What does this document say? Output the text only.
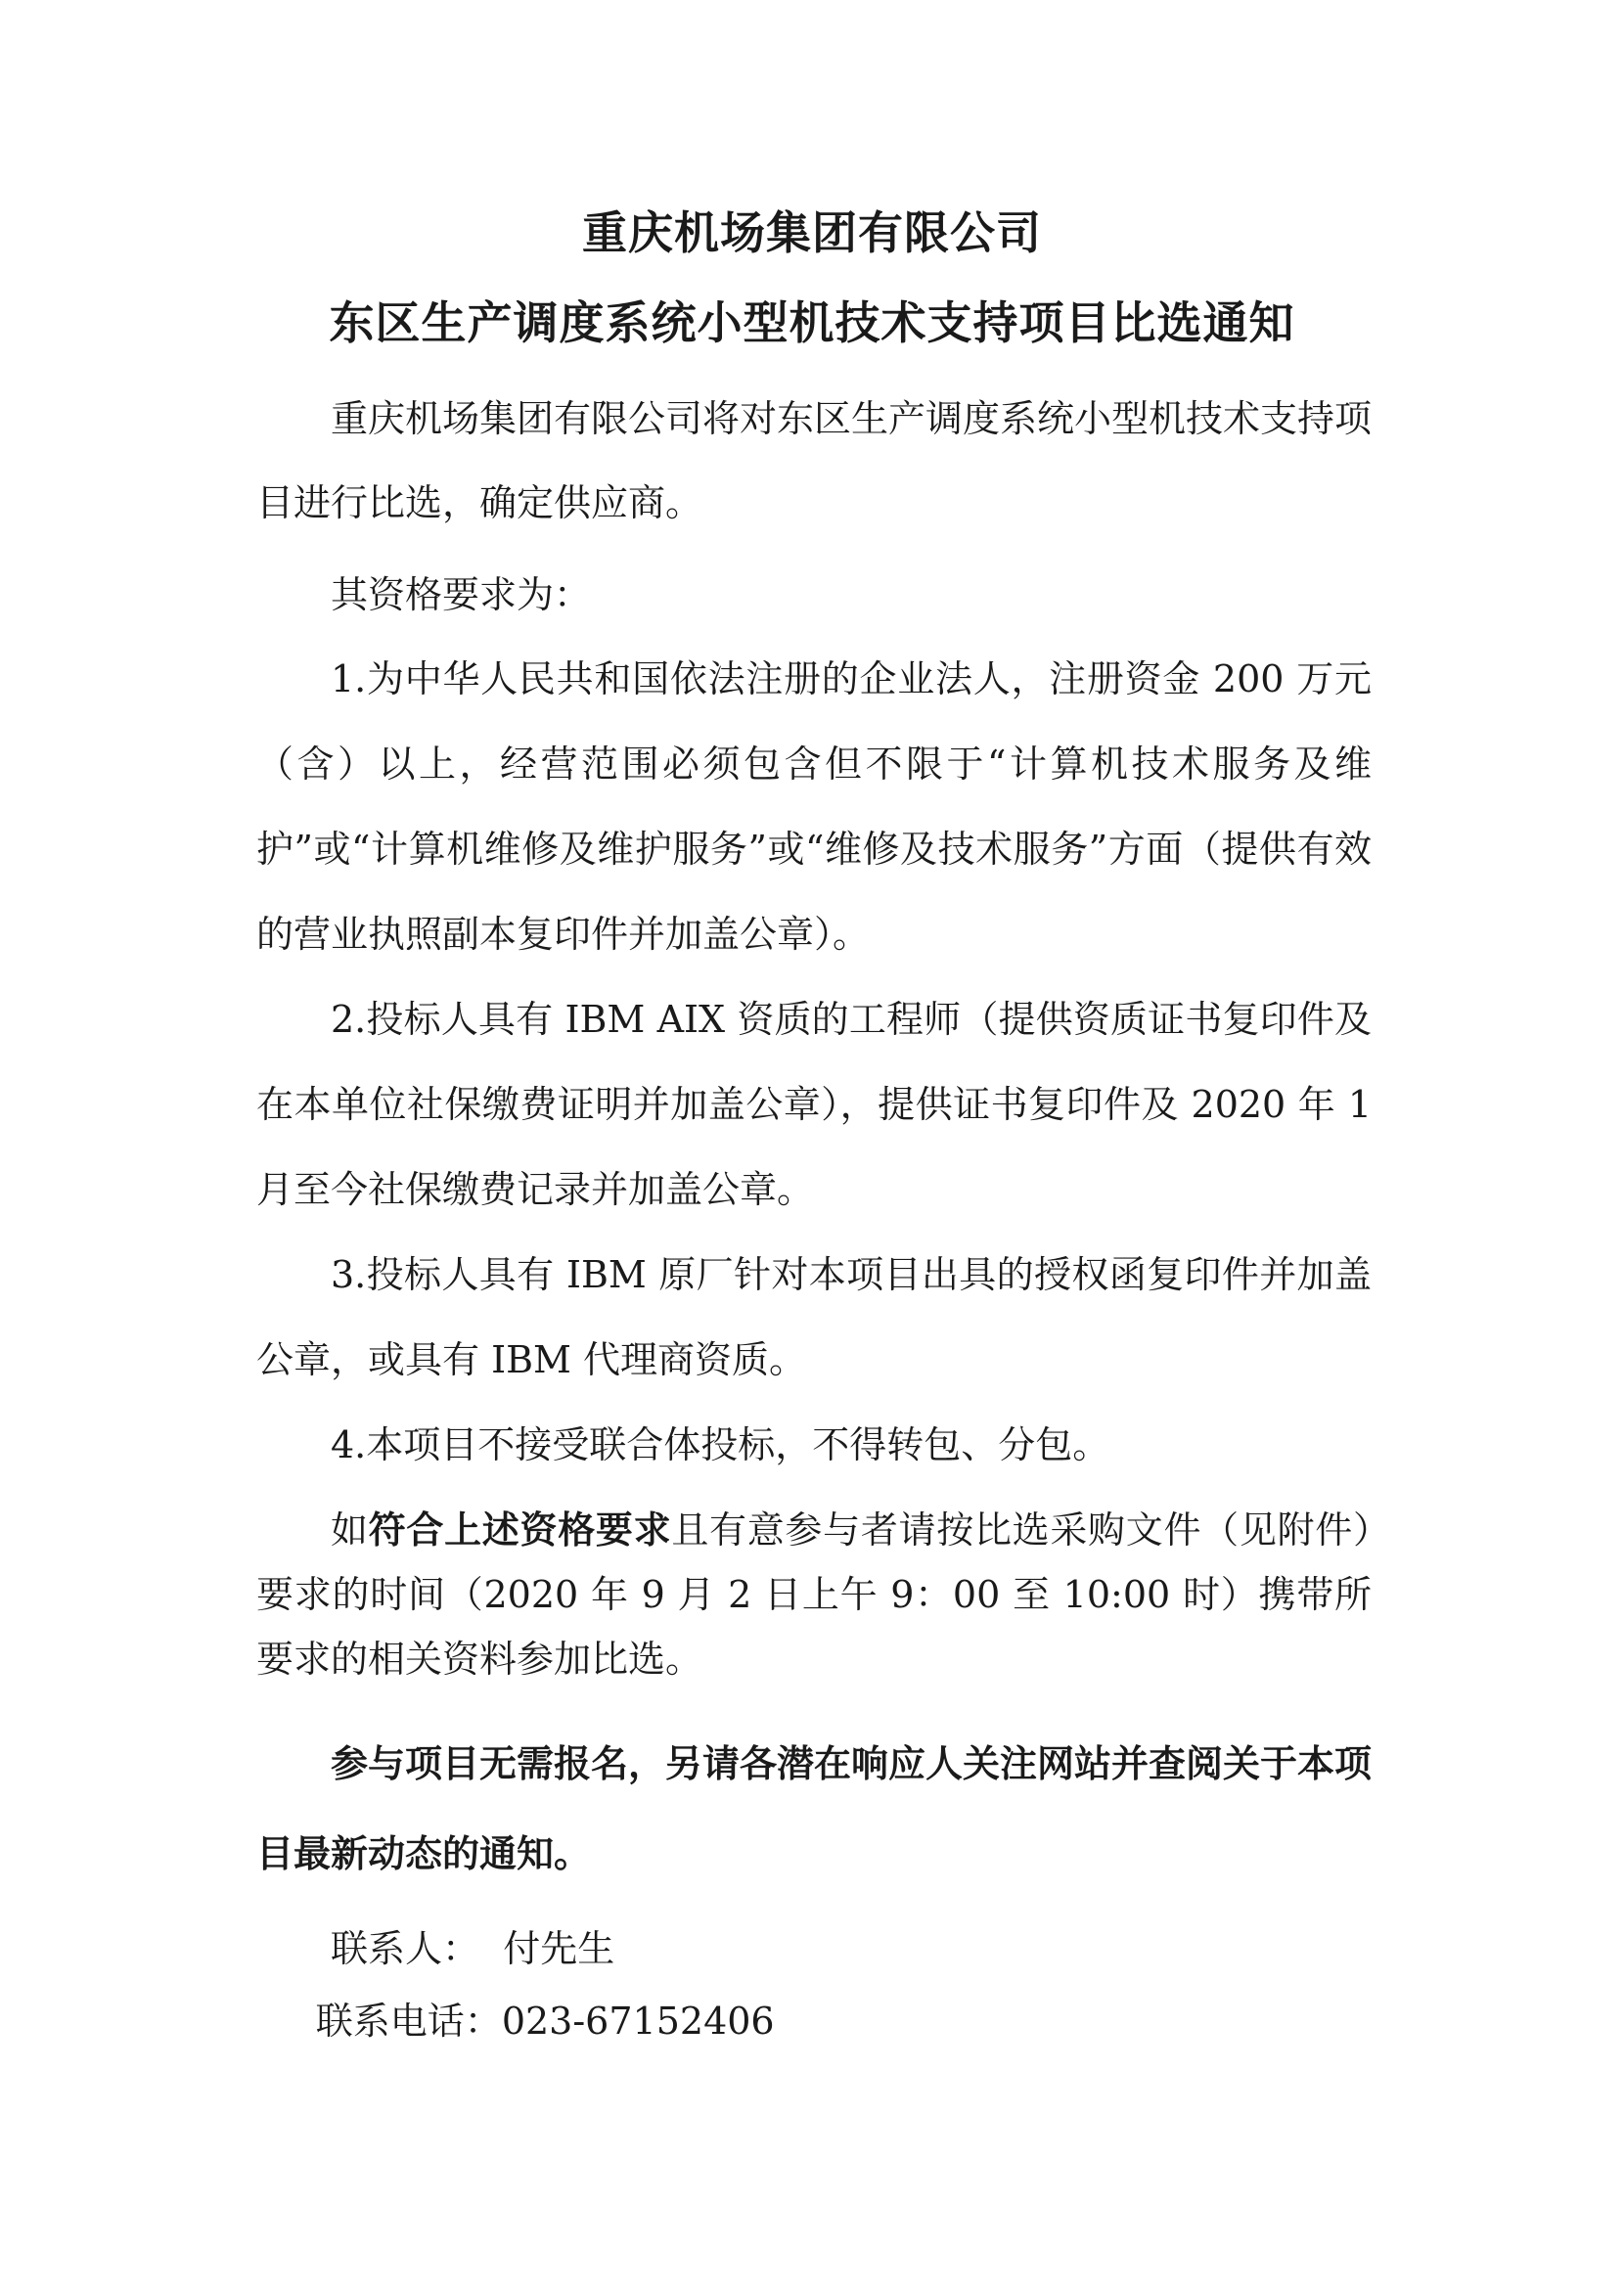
重庆机场集团有限公司
东区生产调度系统小型机技术支持项目比选通知

重庆机场集团有限公司将对东区生产调度系统小型机技术支持项目进行比选，确定供应商。

其资格要求为：

1.为中华人民共和国依法注册的企业法人，注册资金 200 万元（含）以上，经营范围必须包含但不限于“计算机技术服务及维护”或“计算机维修及维护服务”或“维修及技术服务”方面（提供有效的营业执照副本复印件并加盖公章）。

2.投标人具有 IBM AIX 资质的工程师（提供资质证书复印件及在本单位社保缴费证明并加盖公章），提供证书复印件及 2020 年 1 月至今社保缴费记录并加盖公章。

3.投标人具有 IBM 原厂针对本项目出具的授权函复印件并加盖公章，或具有 IBM 代理商资质。

4.本项目不接受联合体投标，不得转包、分包。

如符合上述资格要求且有意参与者请按比选采购文件（见附件）要求的时间（2020 年 9 月 2 日上午 9：00 至 10:00 时）携带所要求的相关资料参加比选。

参与项目无需报名，另请各潜在响应人关注网站并查阅关于本项目最新动态的通知。

联系人： 付先生

联系电话：023-67152406
